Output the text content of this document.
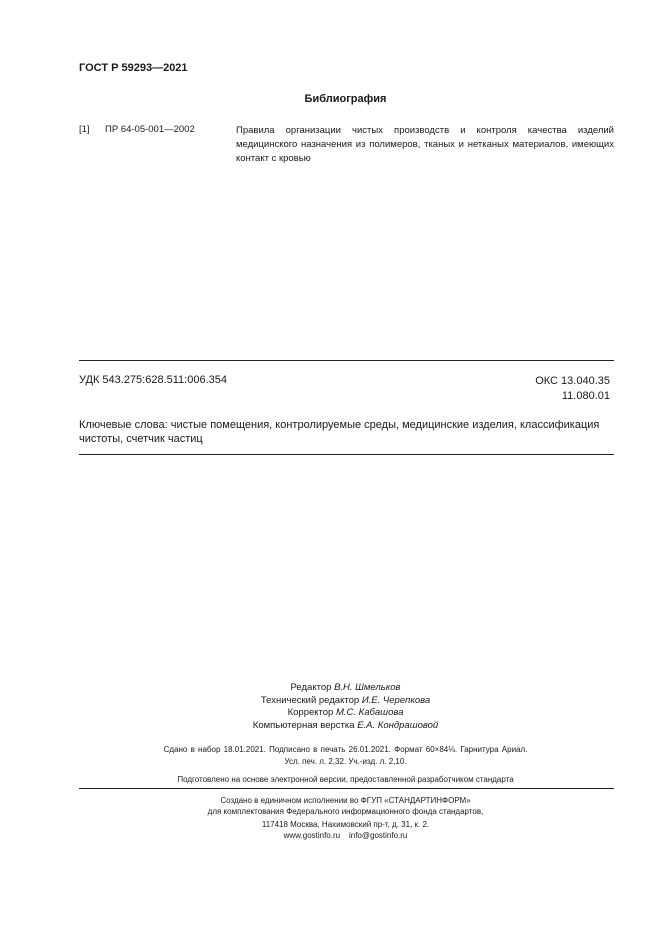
ГОСТ Р 59293—2021
Библиография
[1] ПР 64-05-001—2002	Правила организации чистых производств и контроля качества изделий медицинского назначения из полимеров, тканых и нетканых материалов, имеющих контакт с кровью
УДК 543.275:628.511:006.354	ОКС 13.040.35
11.080.01
Ключевые слова: чистые помещения, контролируемые среды, медицинские изделия, классификация чистоты, счетчик частиц
Редактор В.Н. Шмельков
Технический редактор И.Е. Черепкова
Корректор М.С. Кабашова
Компьютерная верстка Е.А. Кондрашовой
Сдано в набор 18.01.2021. Подписано в печать 26.01.2021. Формат 60×84⅛. Гарнитура Ариал.
Усл. печ. л. 2,32. Уч.-изд. л. 2,10.
Подготовлено на основе электронной версии, предоставленной разработчиком стандарта
Создано в единичном исполнении во ФГУП «СТАНДАРТИНФОРМ»
для комплектования Федерального информационного фонда стандартов,
117418 Москва, Нахимовский пр-т, д. 31, к. 2.
www.gostinfo.ru info@gostinfo.ru
